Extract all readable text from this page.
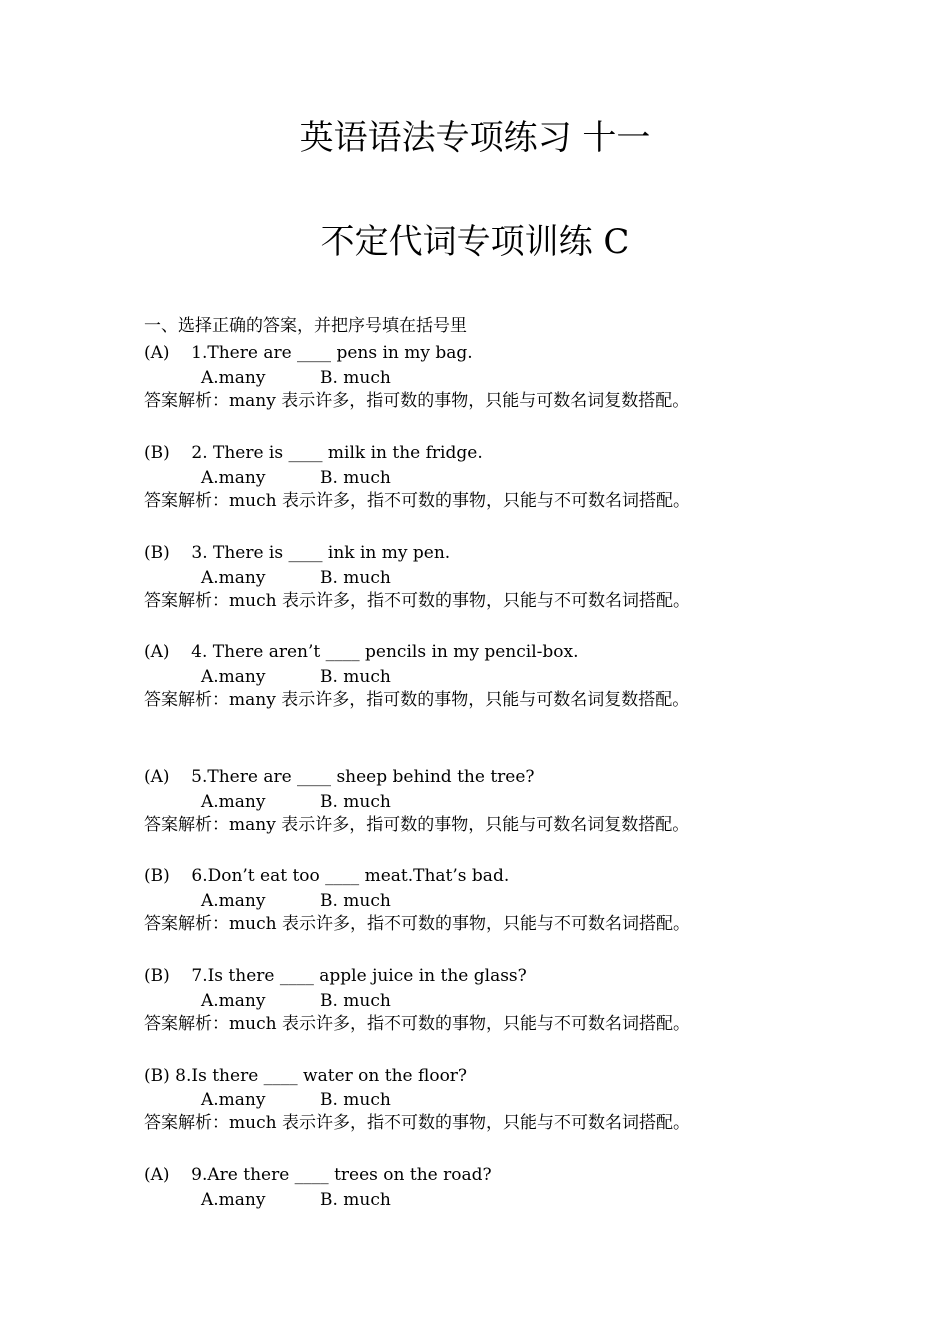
英语语法专项练习 十一
不定代词专项训练 C
一、选择正确的答案，并把序号填在括号里
(A)    1.There are ____ pens in my bag.
A.many	B. much
答案解析：many 表示许多，指可数的事物，只能与可数名词复数搭配。
(B)    2. There is ____ milk in the fridge.
A.many	B. much
答案解析：much 表示许多，指不可数的事物，只能与不可数名词搭配。
(B)    3. There is ____ ink in my pen.
A.many	B. much
答案解析：much 表示许多，指不可数的事物，只能与不可数名词搭配。
(A)    4. There aren’t ____ pencils in my pencil-box.
A.many	B. much
答案解析：many 表示许多，指可数的事物，只能与可数名词复数搭配。
(A)    5.There are ____ sheep behind the tree?
A.many	B. much
答案解析：many 表示许多，指可数的事物，只能与可数名词复数搭配。
(B)    6.Don’t eat too ____ meat.That’s bad.
A.many	B. much
答案解析：much 表示许多，指不可数的事物，只能与不可数名词搭配。
(B)    7.Is there ____ apple juice in the glass?
A.many	B. much
答案解析：much 表示许多，指不可数的事物，只能与不可数名词搭配。
(B) 8.Is there ____ water on the floor?
A.many	B. much
答案解析：much 表示许多，指不可数的事物，只能与不可数名词搭配。
(A)    9.Are there ____ trees on the road?
A.many	B. much
